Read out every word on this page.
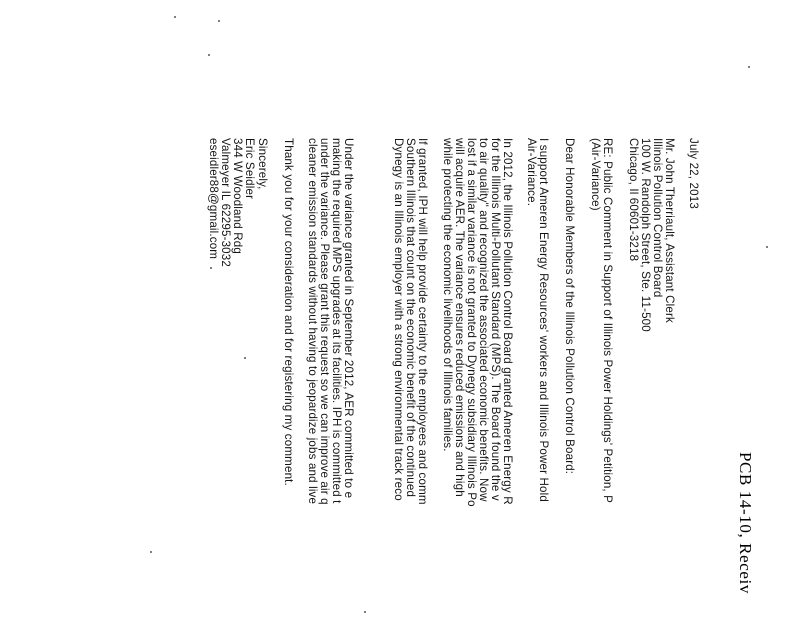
PCB 14-10, Receiv
July 22, 2013
Mr. John Therriault, Assistant Clerk
Illinois Pollution Control Board
100 W. Randolph Street, Ste. 11-500
Chicago, Il 60601-3218
RE: Public Comment in Support of Illinois Power Holdings' Petition, P
(Air-Variance)
Dear Honorable Members of the Illinois Pollution Control Board:
I support Ameren Energy Resources' workers and Illinois Power Hold
Air-Variance.
In 2012, the Illinois Pollution Control Board granted Ameren Energy R
for the Illinois Multi-Pollutant Standard (MPS). The Board found the v
to air quality" and recognized the associated economic benefits. Now
lost if a similar variance is not granted to Dynegy subsidiary Illinois Po
will acquire AER. The variance ensures reduced emissions and high
while protecting the economic livelihoods of Illinois families.
If granted, IPH will help provide certainty to the employees and comm
Southern Illinois that count on the economic benefit of the continued
Dynegy is an Illinois employer with a strong environmental track reco
Under the variance granted in September 2012, AER committed to e
making the required MPS upgrades at its facilities. IPH is committed t
under the variance. Please grant this request so we can improve air q
cleaner emission standards without having to jeopardize jobs and live
Thank you for your consideration and for registering my comment.
Sincerely,
Eric Seidler
344 W Woodland Rdg
Valmeyer IL 62295-3032
eseidler88@gmail.com
